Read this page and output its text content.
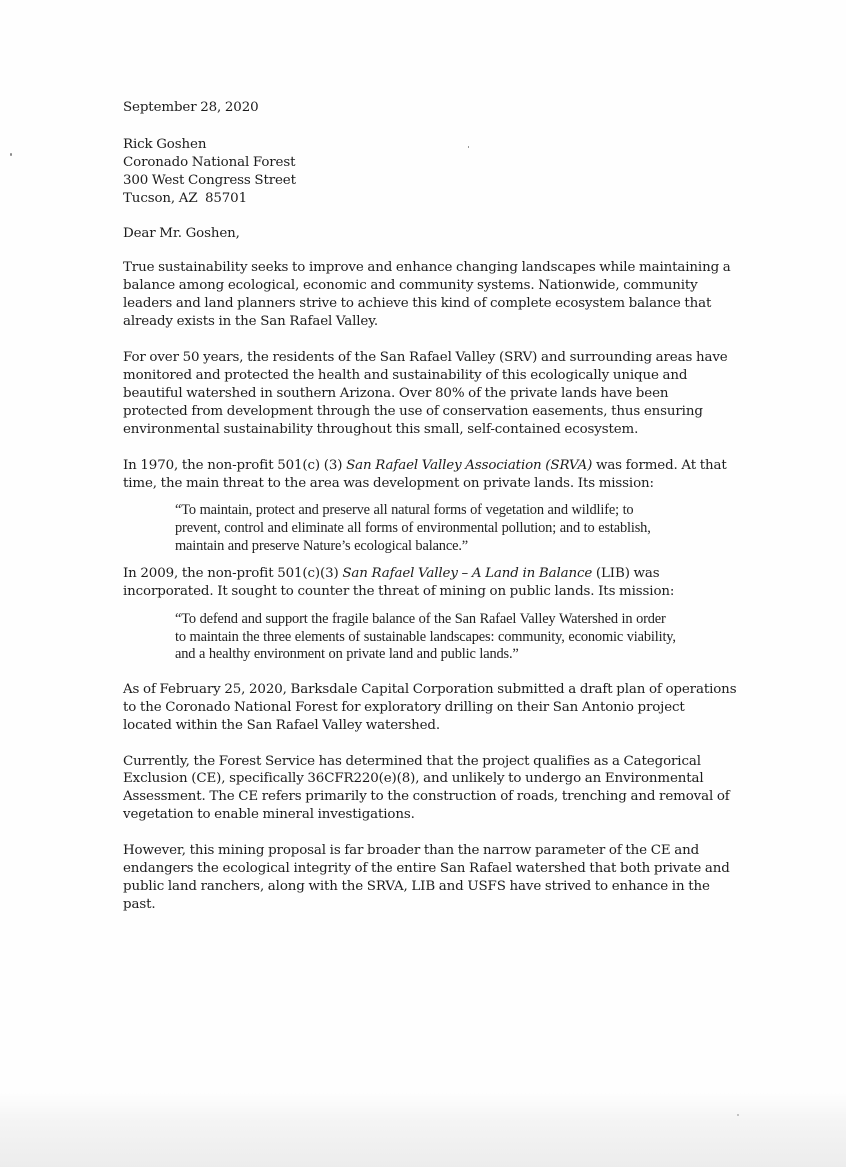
September 28, 2020

Rick Goshen

Coronado National Forest

300 West Congress Street

Tucson, AZ  85701

Dear Mr. Goshen,

True sustainability seeks to improve and enhance changing landscapes while maintaining a
balance among ecological, economic and community systems. Nationwide, community
leaders and land planners strive to achieve this kind of complete ecosystem balance that
already exists in the San Rafael Valley.

For over 50 years, the residents of the San Rafael Valley (SRV) and surrounding areas have
monitored and protected the health and sustainability of this ecologically unique and
beautiful watershed in southern Arizona. Over 80% of the private lands have been
protected from development through the use of conservation easements, thus ensuring
environmental sustainability throughout this small, self-contained ecosystem.

In 1970, the non-profit 501(c) (3) San Rafael Valley Association (SRVA) was formed. At that
time, the main threat to the area was development on private lands. Its mission:

“To maintain, protect and preserve all natural forms of vegetation and wildlife; to
prevent, control and eliminate all forms of environmental pollution; and to establish,
maintain and preserve Nature’s ecological balance.”

In 2009, the non-profit 501(c)(3) San Rafael Valley – A Land in Balance (LIB) was
incorporated. It sought to counter the threat of mining on public lands. Its mission:

“To defend and support the fragile balance of the San Rafael Valley Watershed in order
to maintain the three elements of sustainable landscapes: community, economic viability,
and a healthy environment on private land and public lands.”

As of February 25, 2020, Barksdale Capital Corporation submitted a draft plan of operations
to the Coronado National Forest for exploratory drilling on their San Antonio project
located within the San Rafael Valley watershed.

Currently, the Forest Service has determined that the project qualifies as a Categorical
Exclusion (CE), specifically 36CFR220(e)(8), and unlikely to undergo an Environmental
Assessment. The CE refers primarily to the construction of roads, trenching and removal of
vegetation to enable mineral investigations.

However, this mining proposal is far broader than the narrow parameter of the CE and
endangers the ecological integrity of the entire San Rafael watershed that both private and
public land ranchers, along with the SRVA, LIB and USFS have strived to enhance in the past.
